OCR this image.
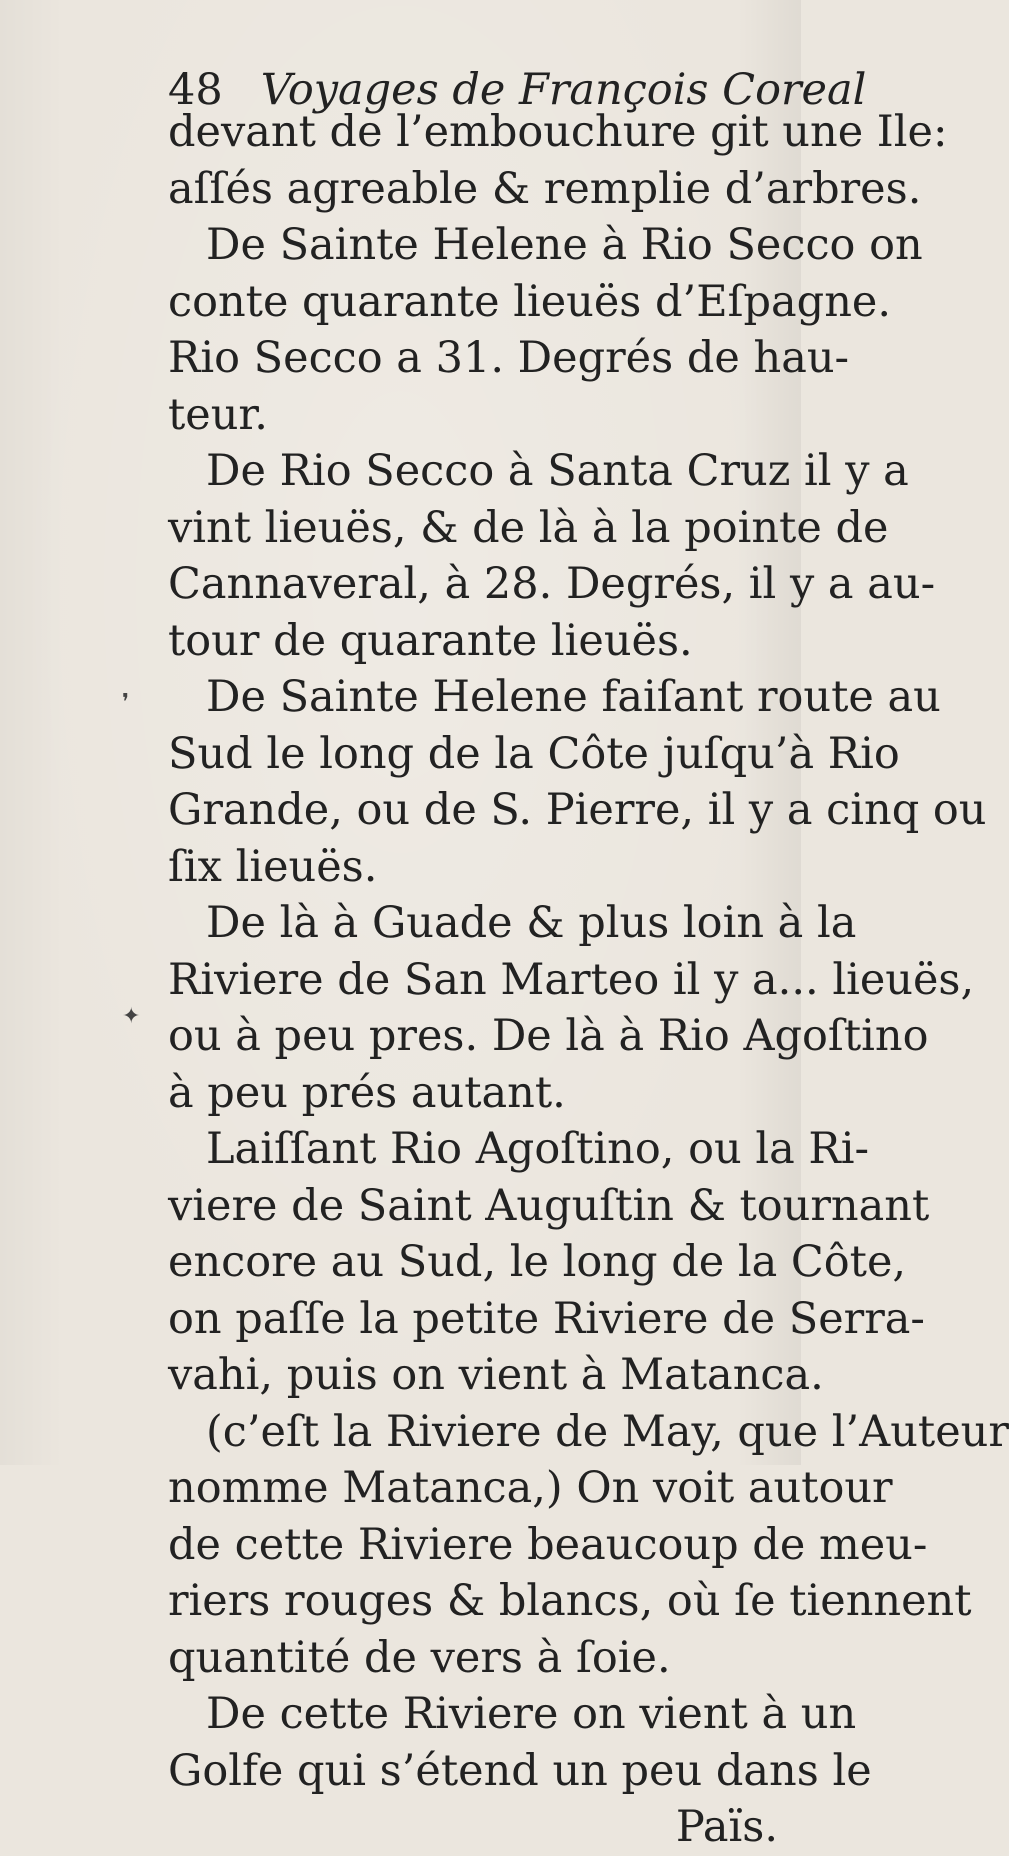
48 Voyages de François Coreal
devant de l’embouchure git une Ile:
aſſés agreable & remplie d’arbres.
De Sainte Helene à Rio Secco on
conte quarante lieuës d’Eſpagne.
Rio Secco a 31. Degrés de hau-
teur.
De Rio Secco à Santa Cruz il y a
vint lieuës, & de là à la pointe de
Cannaveral, à 28. Degrés, il y a au-
tour de quarante lieuës.
De Sainte Helene faiſant route au
Sud le long de la Côte juſqu’à Rio
Grande, ou de S. Pierre, il y a cinq ou
ſix lieuës.
De là à Guade & plus loin à la
Riviere de San Marteo il y a... lieuës,
ou à peu pres. De là à Rio Agoſtino
à peu prés autant.
Laiſſant Rio Agoſtino, ou la Ri-
viere de Saint Auguſtin & tournant
encore au Sud, le long de la Côte,
on paſſe la petite Riviere de Serra-
vahi, puis on vient à Matanca.
(c’eſt la Riviere de May, que l’Auteur
nomme Matanca,) On voit autour
de cette Riviere beaucoup de meu-
riers rouges & blancs, où ſe tiennent
quantité de vers à ſoie.
De cette Riviere on vient à un
Golfe qui s’étend un peu dans le
Païs.
❜
✦
